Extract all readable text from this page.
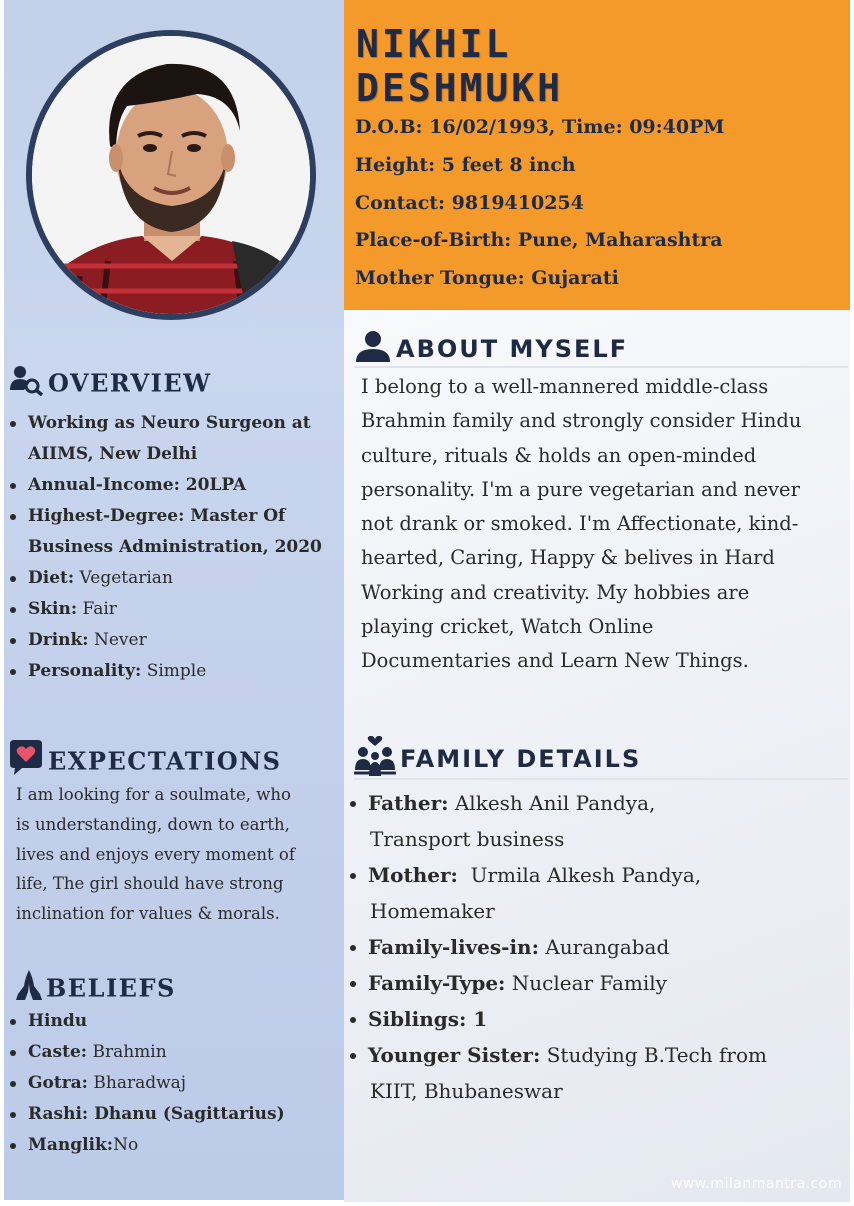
NIKHIL
DESHMUKH
D.O.B: 16/02/1993, Time: 09:40PM
Height: 5 feet 8 inch
Contact: 9819410254
Place-of-Birth: Pune, Maharashtra
Mother Tongue: Gujarati
OVERVIEW
Working as Neuro Surgeon at
AIIMS, New Delhi
Annual-Income: 20LPA
Highest-Degree: Master Of
Business Administration, 2020
Diet: Vegetarian
Skin: Fair
Drink: Never
Personality: Simple
EXPECTATIONS
I am looking for a soulmate, who
is understanding, down to earth,
lives and enjoys every moment of
life, The girl should have strong
inclination for values & morals.
BELIEFS
Hindu
Caste: Brahmin
Gotra: Bharadwaj
Rashi: Dhanu (Sagittarius)
Manglik:No
ABOUT MYSELF
I belong to a well-mannered middle-class
Brahmin family and strongly consider Hindu
culture, rituals & holds an open-minded
personality. I'm a pure vegetarian and never
not drank or smoked. I'm Affectionate, kind-
hearted, Caring, Happy & belives in Hard
Working and creativity. My hobbies are
playing cricket, Watch Online
Documentaries and Learn New Things.
FAMILY DETAILS
Father: Alkesh Anil Pandya,
Transport business
Mother:  Urmila Alkesh Pandya,
Homemaker
Family-lives-in: Aurangabad
Family-Type: Nuclear Family
Siblings: 1
Younger Sister: Studying B.Tech from
KIIT, Bhubaneswar
www.milanmantra.com
